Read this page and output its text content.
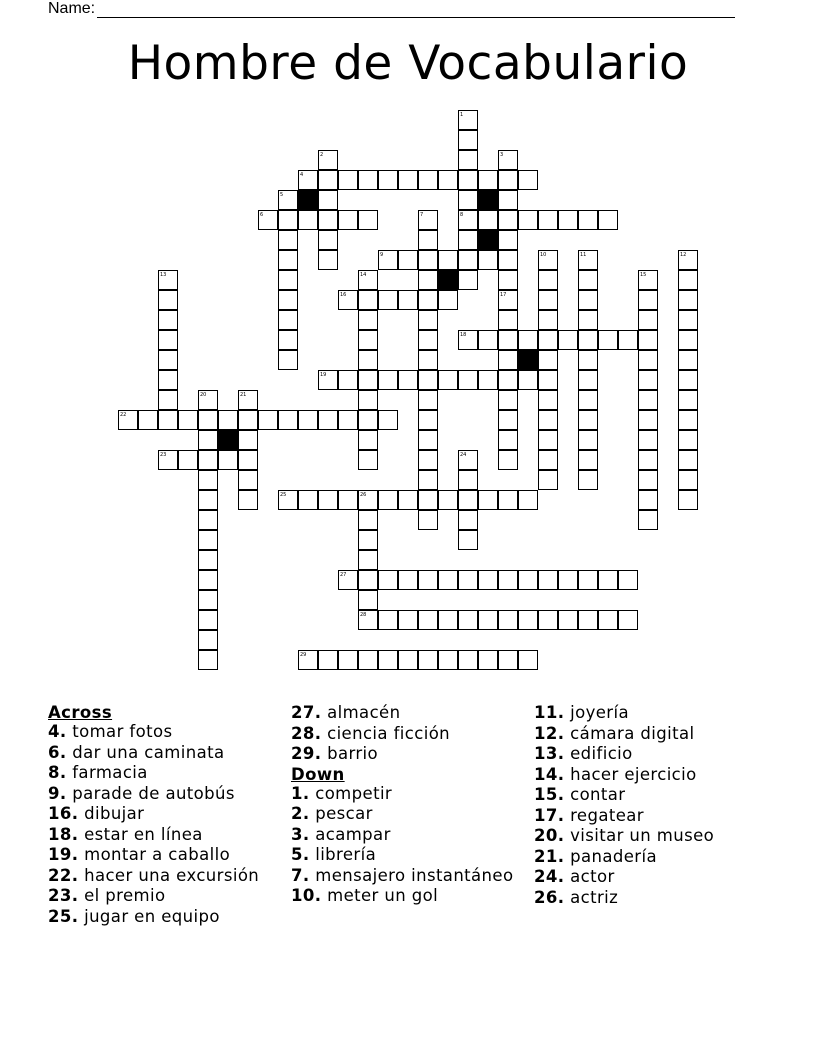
Name:
Hombre de Vocabulario
1
2	3
4
5
6	7	8
9	10	11	12
13	14	15
16	17
18
19
20	21
22
23	24
25	26
27
28
29
Across
4. tomar fotos
6. dar una caminata
8. farmacia
9. parade de autobús
16. dibujar
18. estar en línea
19. montar a caballo
22. hacer una excursión
23. el premio
25. jugar en equipo
27. almacén
28. ciencia ficción
29. barrio
Down
1. competir
2. pescar
3. acampar
5. librería
7. mensajero instantáneo
10. meter un gol
11. joyería
12. cámara digital
13. edificio
14. hacer ejercicio
15. contar
17. regatear
20. visitar un museo
21. panadería
24. actor
26. actriz
